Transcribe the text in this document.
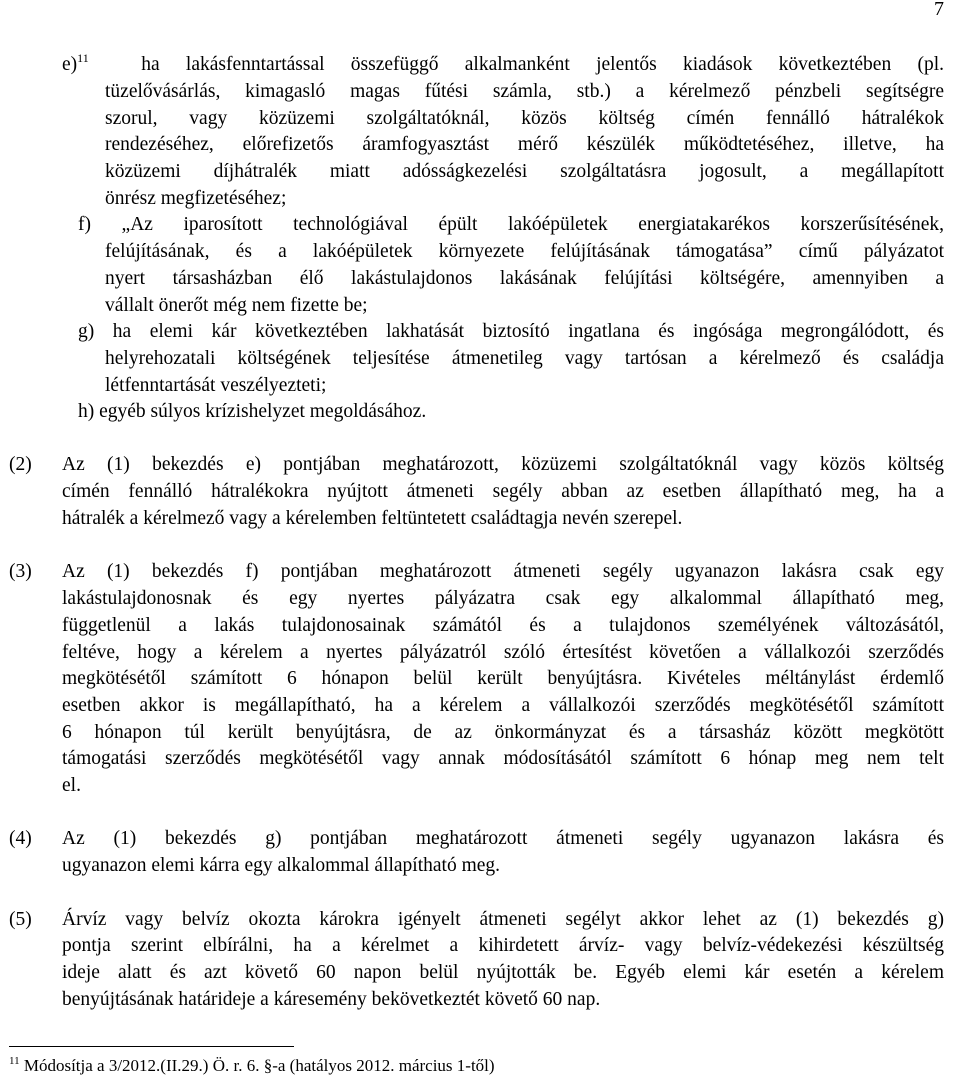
7
e)$^{11}$	ha lakásfenntartással összefüggő alkalmanként jelentős kiadások következtében (pl.
tüzelővásárlás, kimagasló magas fűtési számla, stb.) a kérelmező pénzbeli segítségre
szorul, vagy közüzemi szolgáltatóknál, közös költség címén fennálló hátralékok
rendezéséhez, előrefizetős áramfogyasztást mérő készülék működtetéséhez, illetve, ha
közüzemi díjhátralék miatt adósságkezelési szolgáltatásra jogosult, a megállapított
önrész megfizetéséhez;
f) „Az iparosított technológiával épült lakóépületek energiatakarékos korszerűsítésének,
felújításának, és a lakóépületek környezete felújításának támogatása” című pályázatot
nyert társasházban élő lakástulajdonos lakásának felújítási költségére, amennyiben a
vállalt önerőt még nem fizette be;
g) ha elemi kár következtében lakhatását biztosító ingatlana és ingósága megrongálódott, és
helyrehozatali költségének teljesítése átmenetileg vagy tartósan a kérelmező és családja
létfenntartását veszélyezteti;
h) egyéb súlyos krízishelyzet megoldásához.
(2) Az (1) bekezdés e) pontjában meghatározott, közüzemi szolgáltatóknál vagy közös költség
címén fennálló hátralékokra nyújtott átmeneti segély abban az esetben állapítható meg, ha a
hátralék a kérelmező vagy a kérelemben feltüntetett családtagja nevén szerepel.
(3) Az (1) bekezdés f) pontjában meghatározott átmeneti segély ugyanazon lakásra csak egy
lakástulajdonosnak és egy nyertes pályázatra csak egy alkalommal állapítható meg,
függetlenül a lakás tulajdonosainak számától és a tulajdonos személyének változásától,
feltéve, hogy a kérelem a nyertes pályázatról szóló értesítést követően a vállalkozói szerződés
megkötésétől számított 6 hónapon belül került benyújtásra. Kivételes méltánylást érdemlő
esetben akkor is megállapítható, ha a kérelem a vállalkozói szerződés megkötésétől számított
6 hónapon túl került benyújtásra, de az önkormányzat és a társasház között megkötött
támogatási szerződés megkötésétől vagy annak módosításától számított 6 hónap meg nem telt
el.
(4) Az (1) bekezdés g) pontjában meghatározott átmeneti segély ugyanazon lakásra és
ugyanazon elemi kárra egy alkalommal állapítható meg.
(5) Árvíz vagy belvíz okozta károkra igényelt átmeneti segélyt akkor lehet az (1) bekezdés g)
pontja szerint elbírálni, ha a kérelmet a kihirdetett árvíz- vagy belvíz-védekezési készültség
ideje alatt és azt követő 60 napon belül nyújtották be. Egyéb elemi kár esetén a kérelem
benyújtásának határideje a káresemény bekövetkeztét követő 60 nap.
$^{11}$ Módosítja a 3/2012.(II.29.) Ö. r. 6. §-a (hatályos 2012. március 1-től)
